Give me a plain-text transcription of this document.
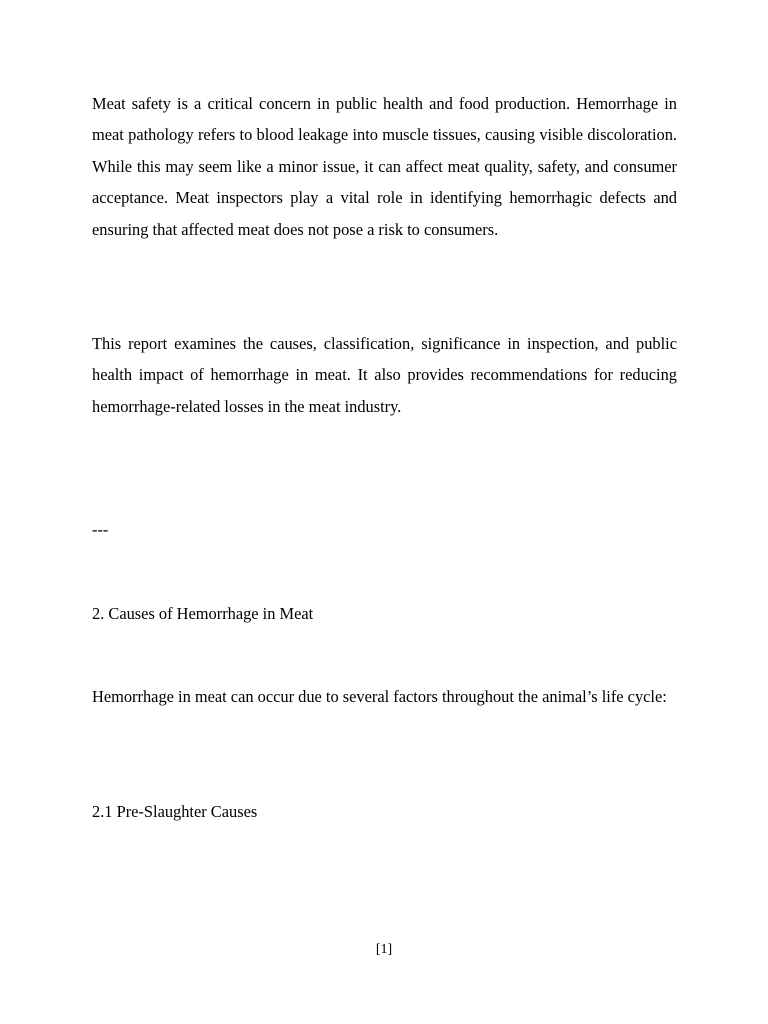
Meat safety is a critical concern in public health and food production. Hemorrhage in meat pathology refers to blood leakage into muscle tissues, causing visible discoloration. While this may seem like a minor issue, it can affect meat quality, safety, and consumer acceptance. Meat inspectors play a vital role in identifying hemorrhagic defects and ensuring that affected meat does not pose a risk to consumers.

This report examines the causes, classification, significance in inspection, and public health impact of hemorrhage in meat. It also provides recommendations for reducing hemorrhage-related losses in the meat industry.

---

2. Causes of Hemorrhage in Meat

Hemorrhage in meat can occur due to several factors throughout the animal’s life cycle:

2.1 Pre-Slaughter Causes

[1]
